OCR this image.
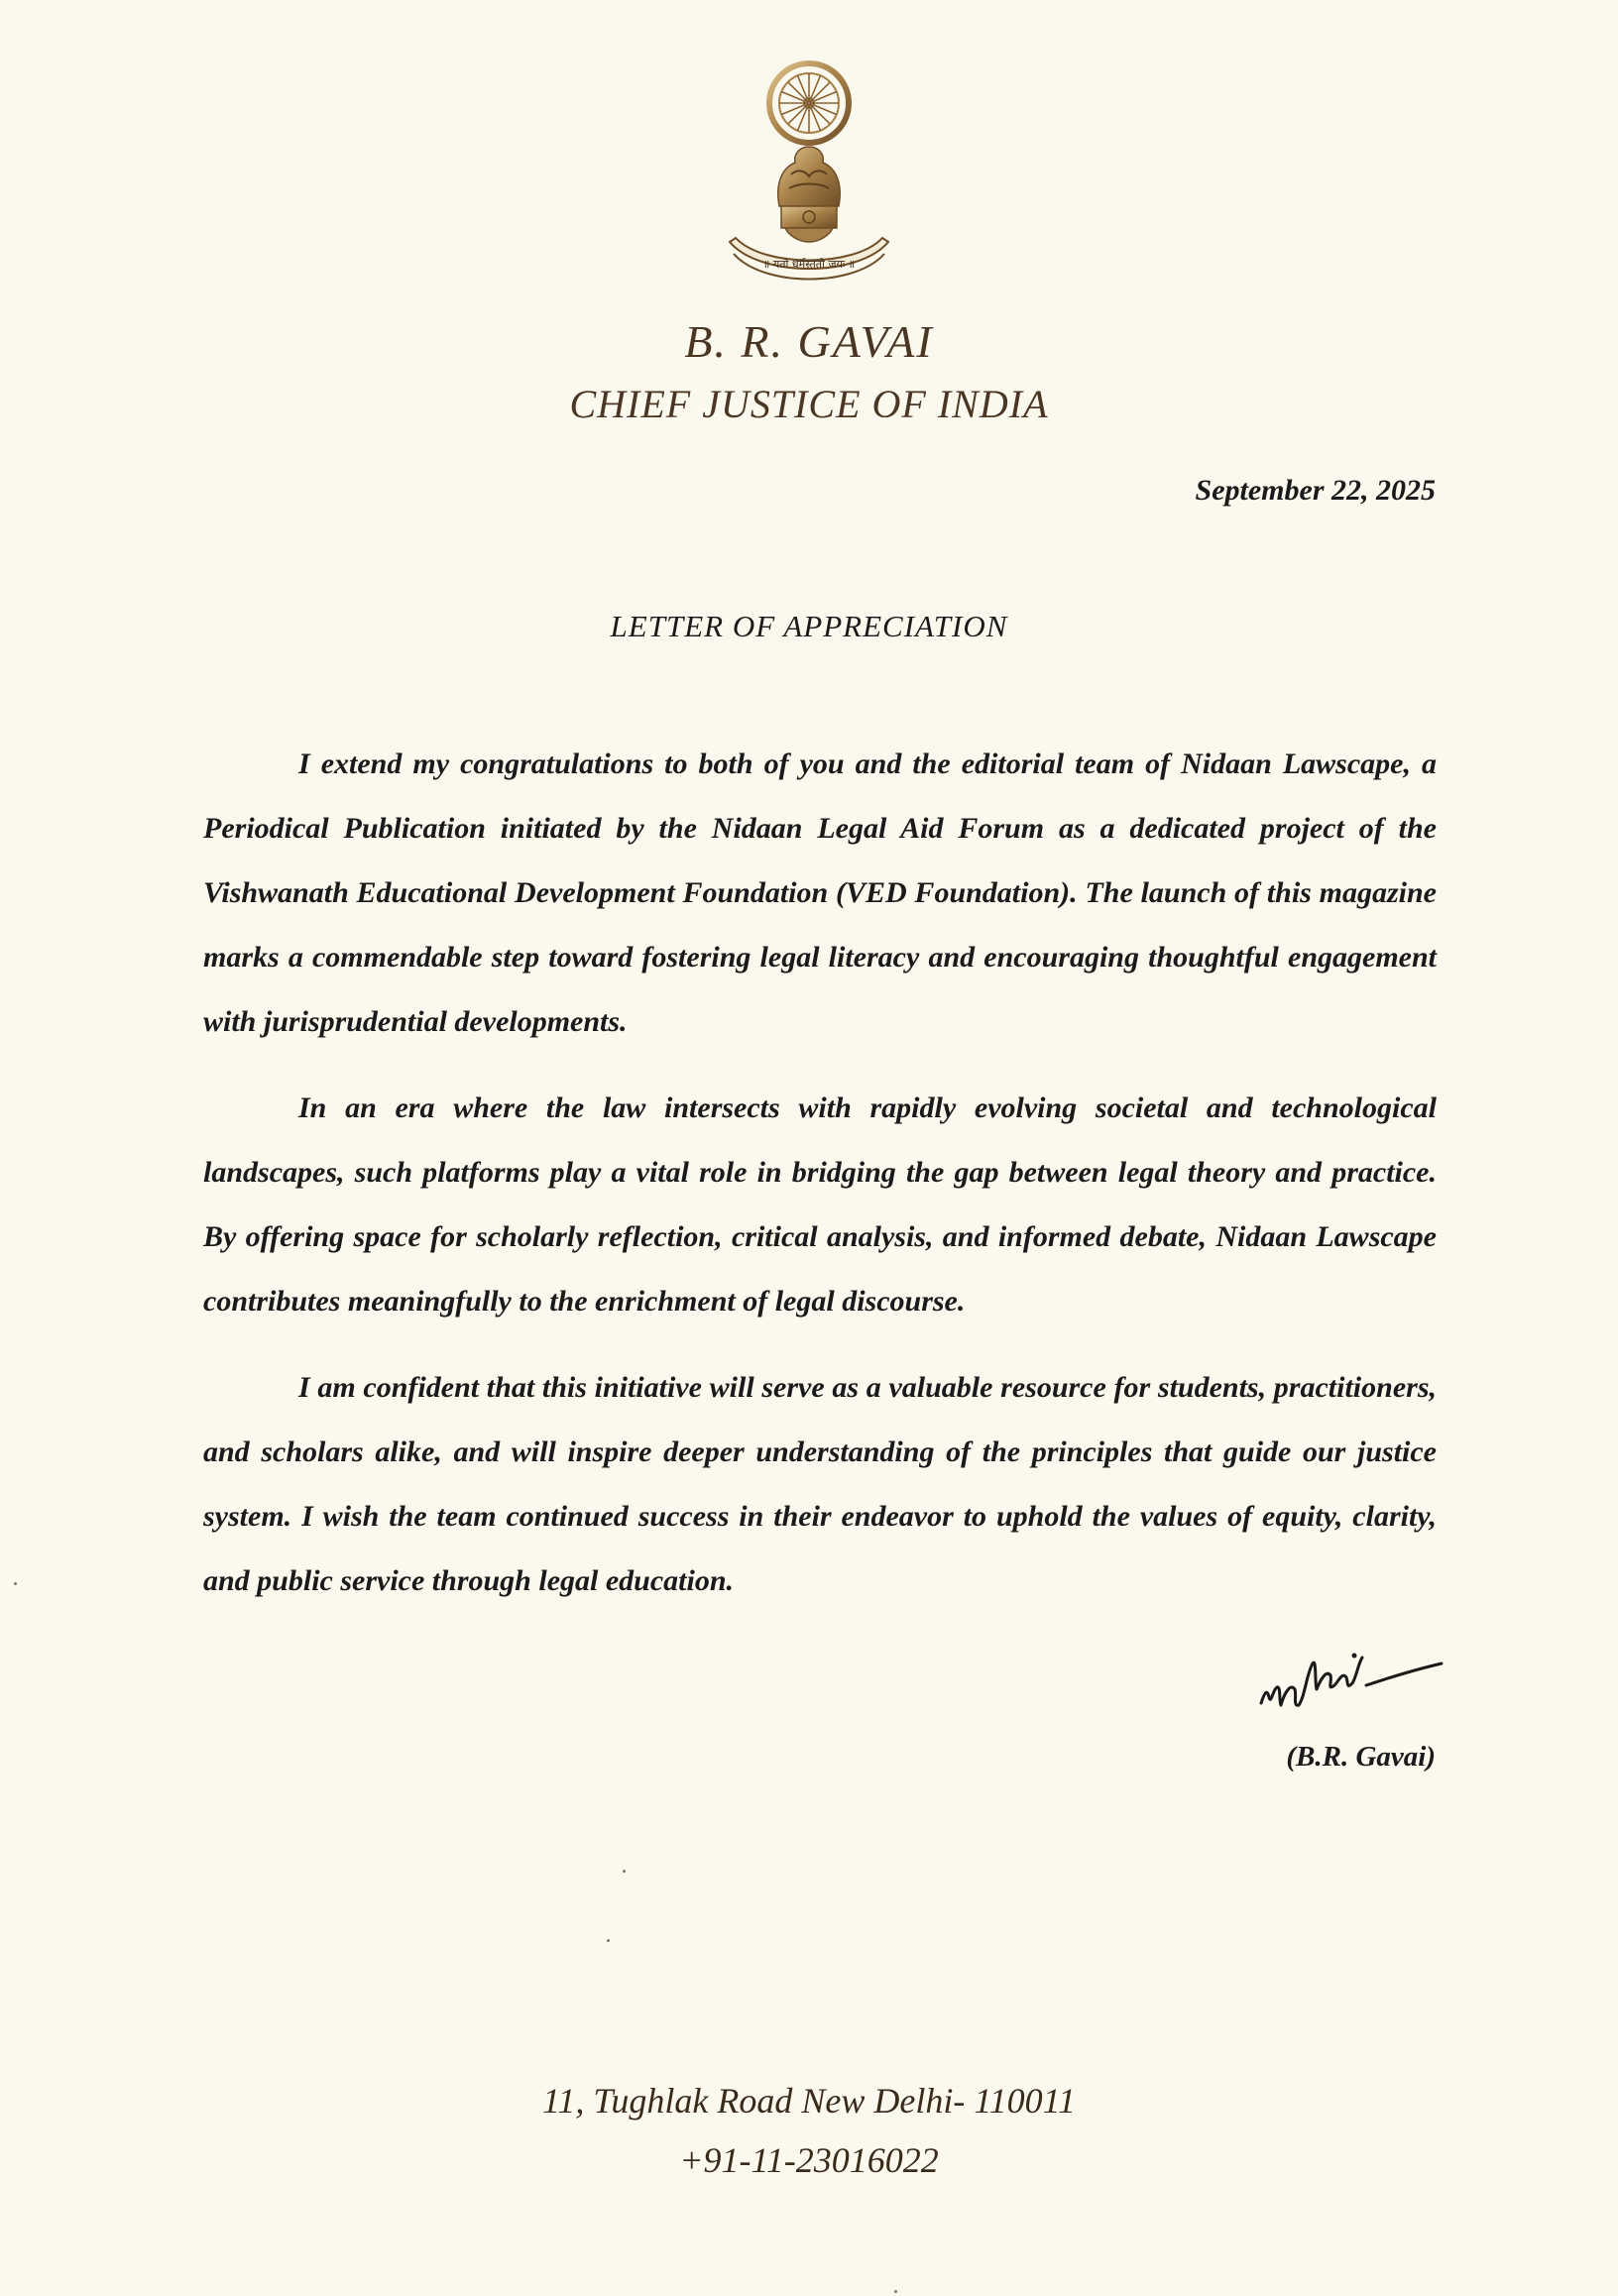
॥ यतो धर्मस्ततो जयः ॥
B. R. GAVAI
CHIEF JUSTICE OF INDIA
September 22, 2025
LETTER OF APPRECIATION

I extend my congratulations to both of you and the editorial team of Nidaan Lawscape, a Periodical Publication initiated by the Nidaan Legal Aid Forum as a dedicated project of the Vishwanath Educational Development Foundation (VED Foundation). The launch of this magazine marks a commendable step toward fostering legal literacy and encouraging thoughtful engagement with jurisprudential developments.

In an era where the law intersects with rapidly evolving societal and technological landscapes, such platforms play a vital role in bridging the gap between legal theory and practice. By offering space for scholarly reflection, critical analysis, and informed debate, Nidaan Lawscape contributes meaningfully to the enrichment of legal discourse.

I am confident that this initiative will serve as a valuable resource for students, practitioners, and scholars alike, and will inspire deeper understanding of the principles that guide our justice system. I wish the team continued success in their endeavor to uphold the values of equity, clarity, and public service through legal education.

(B.R. Gavai)
11, Tughlak Road New Delhi- 110011
+91-11-23016022
